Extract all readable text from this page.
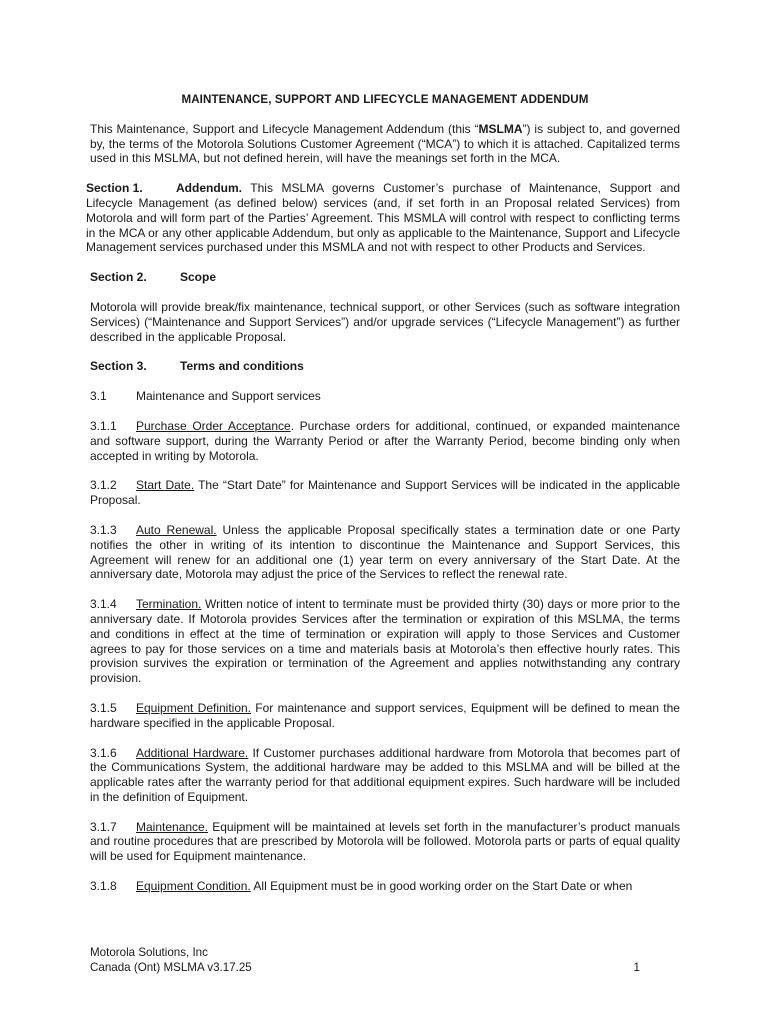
MAINTENANCE, SUPPORT AND LIFECYCLE MANAGEMENT ADDENDUM

This Maintenance, Support and Lifecycle Management Addendum (this “MSLMA”) is subject to, and governed by, the terms of the Motorola Solutions Customer Agreement (“MCA”) to which it is attached. Capitalized terms used in this MSLMA, but not defined herein, will have the meanings set forth in the MCA.

Section 1.	Addendum. This MSLMA governs Customer’s purchase of Maintenance, Support and Lifecycle Management (as defined below) services (and, if set forth in an Proposal related Services) from Motorola and will form part of the Parties’ Agreement. This MSMLA will control with respect to conflicting terms in the MCA or any other applicable Addendum, but only as applicable to the Maintenance, Support and Lifecycle Management services purchased under this MSMLA and not with respect to other Products and Services.
Section 2.	Scope

Motorola will provide break/fix maintenance, technical support, or other Services (such as software integration Services) (“Maintenance and Support Services”) and/or upgrade services (“Lifecycle Management”) as further described in the applicable Proposal.

Section 3.	Terms and conditions
3.1 Maintenance and Support services

3.1.1 Purchase Order Acceptance. Purchase orders for additional, continued, or expanded maintenance and software support, during the Warranty Period or after the Warranty Period, become binding only when accepted in writing by Motorola.

3.1.2 Start Date. The “Start Date” for Maintenance and Support Services will be indicated in the applicable Proposal.

3.1.3 Auto Renewal. Unless the applicable Proposal specifically states a termination date or one Party notifies the other in writing of its intention to discontinue the Maintenance and Support Services, this Agreement will renew for an additional one (1) year term on every anniversary of the Start Date. At the anniversary date, Motorola may adjust the price of the Services to reflect the renewal rate.

3.1.4 Termination. Written notice of intent to terminate must be provided thirty (30) days or more prior to the anniversary date. If Motorola provides Services after the termination or expiration of this MSLMA, the terms and conditions in effect at the time of termination or expiration will apply to those Services and Customer agrees to pay for those services on a time and materials basis at Motorola’s then effective hourly rates. This provision survives the expiration or termination of the Agreement and applies notwithstanding any contrary provision.

3.1.5 Equipment Definition. For maintenance and support services, Equipment will be defined to mean the hardware specified in the applicable Proposal.

3.1.6 Additional Hardware. If Customer purchases additional hardware from Motorola that becomes part of the Communications System, the additional hardware may be added to this MSLMA and will be billed at the applicable rates after the warranty period for that additional equipment expires. Such hardware will be included in the definition of Equipment.

3.1.7 Maintenance. Equipment will be maintained at levels set forth in the manufacturer’s product manuals and routine procedures that are prescribed by Motorola will be followed. Motorola parts or parts of equal quality will be used for Equipment maintenance.

3.1.8 Equipment Condition. All Equipment must be in good working order on the Start Date or when

Motorola Solutions, Inc
Canada (Ont) MSLMA v3.17.25	1
